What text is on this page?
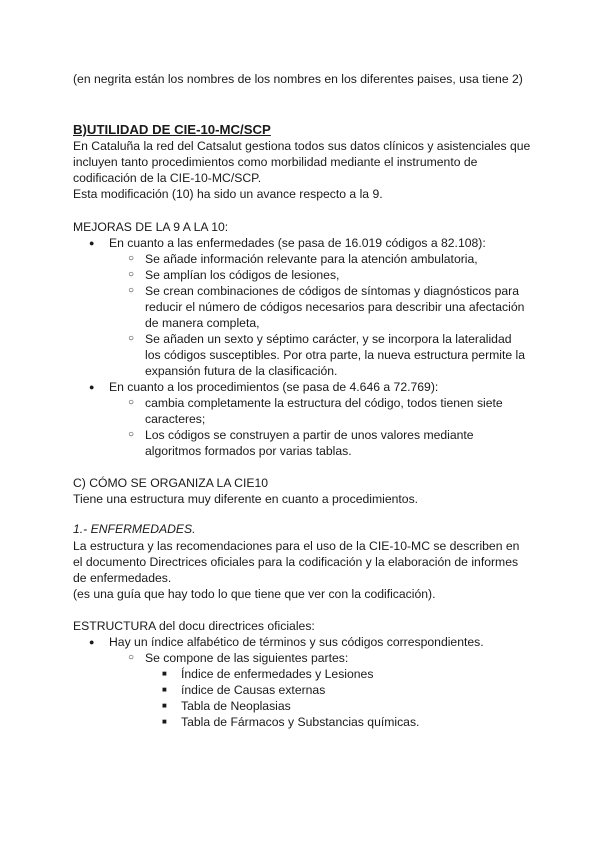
(en negrita están los nombres de los nombres en los diferentes paises, usa tiene 2)
B)UTILIDAD DE CIE-10-MC/SCP
En Cataluña la red del Catsalut gestiona todos sus datos clínicos y asistenciales que
incluyen tanto procedimientos como morbilidad mediante el instrumento de
codificación de la CIE-10-MC/SCP.
Esta modificación (10) ha sido un avance respecto a la 9.
MEJORAS DE LA 9 A LA 10:
● En cuanto a las enfermedades (se pasa de 16.019 códigos a 82.108):
○ Se añade información relevante para la atención ambulatoria,
○ Se amplían los códigos de lesiones,
○ Se crean combinaciones de códigos de síntomas y diagnósticos para
reducir el número de códigos necesarios para describir una afectación
de manera completa,
○ Se añaden un sexto y séptimo carácter, y se incorpora la lateralidad
los códigos susceptibles. Por otra parte, la nueva estructura permite la
expansión futura de la clasificación.
● En cuanto a los procedimientos (se pasa de 4.646 a 72.769):
○ cambia completamente la estructura del código, todos tienen siete
caracteres;
○ Los códigos se construyen a partir de unos valores mediante
algoritmos formados por varias tablas.
C) CÓMO SE ORGANIZA LA CIE10
Tiene una estructura muy diferente en cuanto a procedimientos.
1.- ENFERMEDADES.
La estructura y las recomendaciones para el uso de la CIE-10-MC se describen en
el documento Directrices oficiales para la codificación y la elaboración de informes
de enfermedades.
(es una guía que hay todo lo que tiene que ver con la codificación).
ESTRUCTURA del docu directrices oficiales:
● Hay un índice alfabético de términos y sus códigos correspondientes.
○ Se compone de las siguientes partes:
■ Índice de enfermedades y Lesiones
■ índice de Causas externas
■ Tabla de Neoplasias
■ Tabla de Fármacos y Substancias químicas.
